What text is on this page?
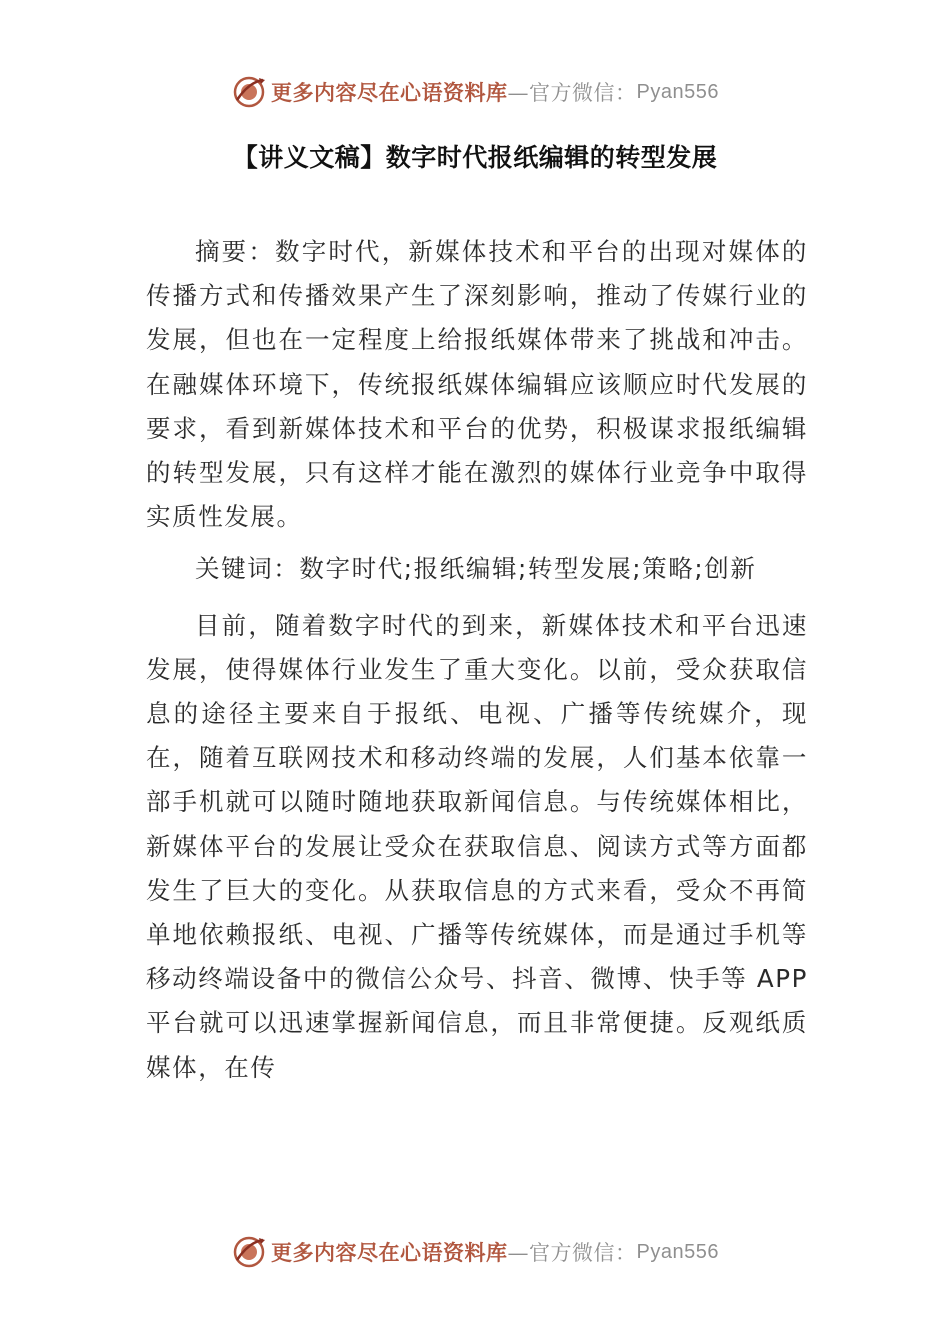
更多内容尽在心语资料库 —官方微信： Pyan556
【讲义文稿】数字时代报纸编辑的转型发展

摘要：数字时代，新媒体技术和平台的出现对媒体的传播方式和传播效果产生了深刻影响，推动了传媒行业的发展，但也在一定程度上给报纸媒体带来了挑战和冲击。在融媒体环境下，传统报纸媒体编辑应该顺应时代发展的要求，看到新媒体技术和平台的优势，积极谋求报纸编辑的转型发展，只有这样才能在激烈的媒体行业竞争中取得实质性发展。

关键词：数字时代;报纸编辑;转型发展;策略;创新

目前，随着数字时代的到来，新媒体技术和平台迅速发展，使得媒体行业发生了重大变化。以前，受众获取信息的途径主要来自于报纸、电视、广播等传统媒介，现在，随着互联网技术和移动终端的发展，人们基本依靠一部手机就可以随时随地获取新闻信息。与传统媒体相比，新媒体平台的发展让受众在获取信息、阅读方式等方面都发生了巨大的变化。从获取信息的方式来看，受众不再简单地依赖报纸、电视、广播等传统媒体，而是通过手机等移动终端设备中的微信公众号、抖音、微博、快手等 APP 平台就可以迅速掌握新闻信息，而且非常便捷。反观纸质媒体，在传

更多内容尽在心语资料库 —官方微信： Pyan556
